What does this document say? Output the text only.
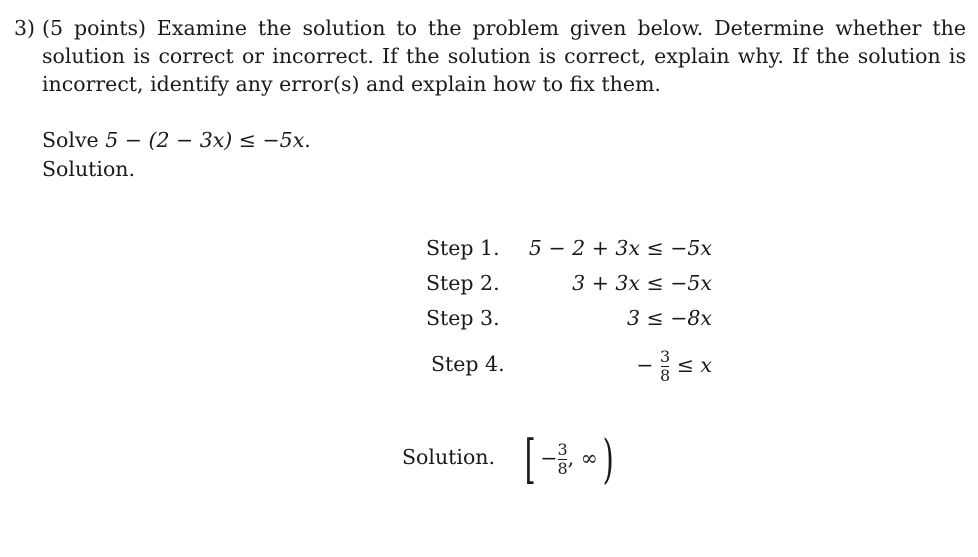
3) (5 points) Examine the solution to the problem given below. Determine whether the solution is correct or incorrect. If the solution is correct, explain why. If the solution is incorrect, identify any error(s) and explain how to fix them.
Solve 5 − (2 − 3x) ≤ −5x.
Solution.
Step 1.	5 − 2 + 3x ≤ −5x
Step 2.	3 + 3x ≤ −5x
Step 3.	3 ≤ −8x
Step 4.	− $\frac{3}{8} \le x$
Solution. [ $-\frac{3}{8}$, ∞)
